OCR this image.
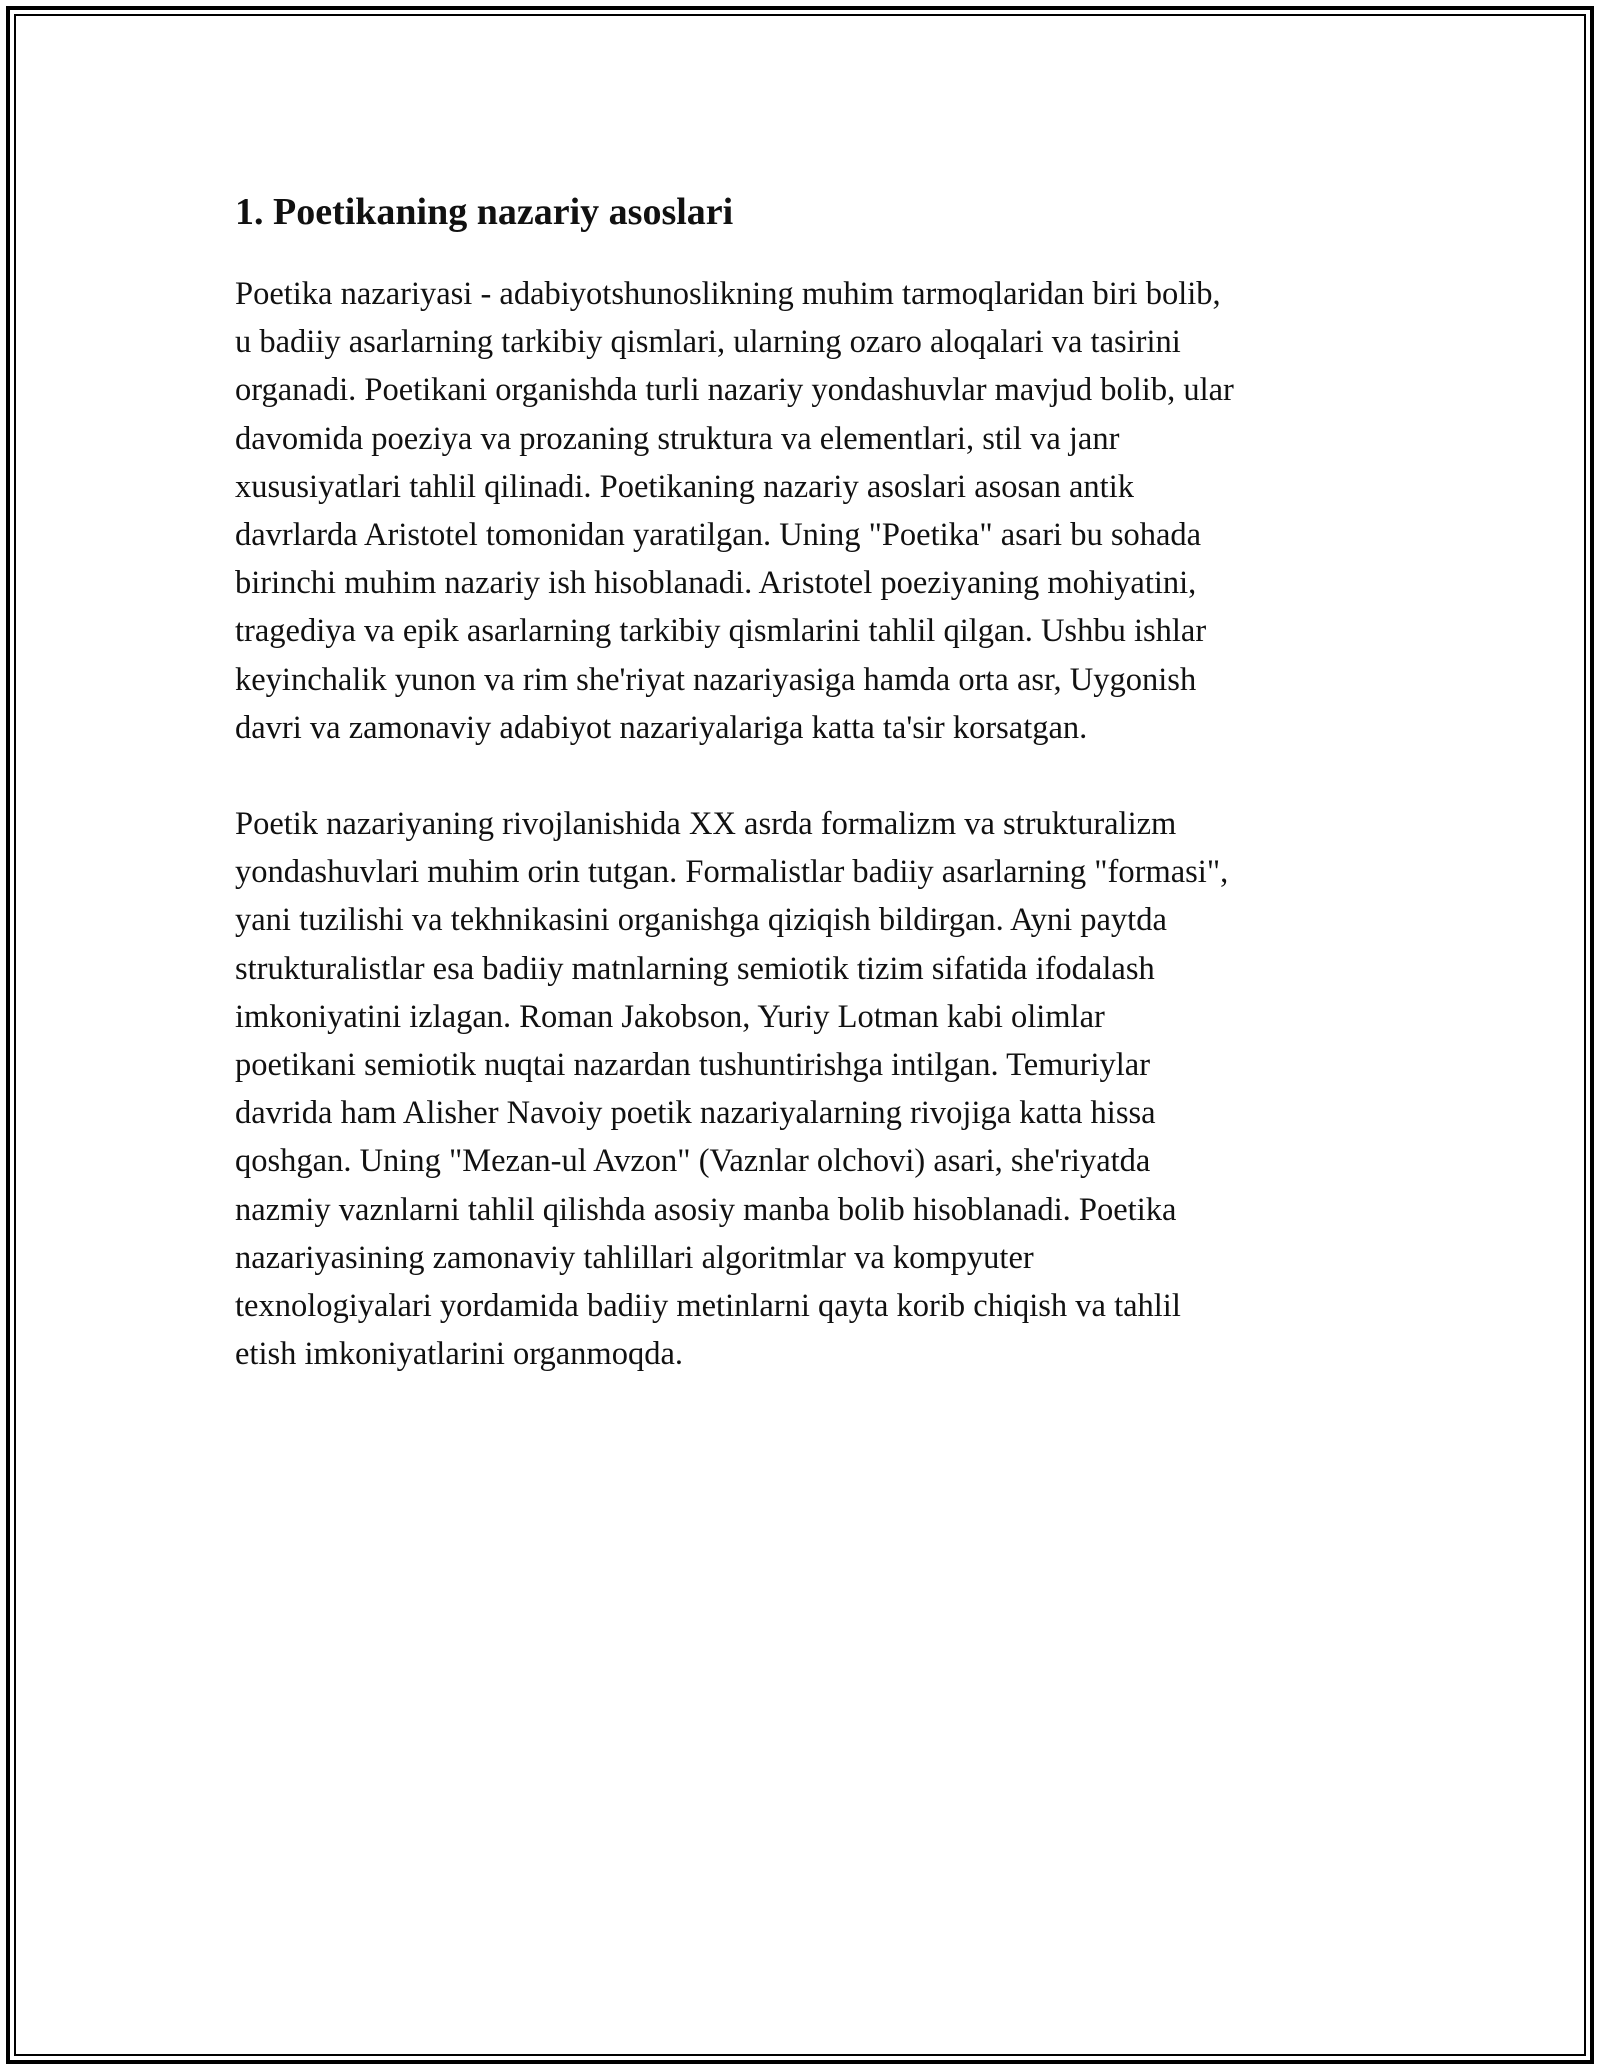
1. Poetikaning nazariy asoslari

Poetika nazariyasi - adabiyotshunoslikning muhim tarmoqlaridan biri bolib,
u badiiy asarlarning tarkibiy qismlari, ularning ozaro aloqalari va tasirini
organadi. Poetikani organishda turli nazariy yondashuvlar mavjud bolib, ular
davomida poeziya va prozaning struktura va elementlari, stil va janr
xususiyatlari tahlil qilinadi. Poetikaning nazariy asoslari asosan antik
davrlarda Aristotel tomonidan yaratilgan. Uning "Poetika" asari bu sohada
birinchi muhim nazariy ish hisoblanadi. Aristotel poeziyaning mohiyatini,
tragediya va epik asarlarning tarkibiy qismlarini tahlil qilgan. Ushbu ishlar
keyinchalik yunon va rim she'riyat nazariyasiga hamda orta asr, Uygonish
davri va zamonaviy adabiyot nazariyalariga katta ta'sir korsatgan.

Poetik nazariyaning rivojlanishida XX asrda formalizm va strukturalizm
yondashuvlari muhim orin tutgan. Formalistlar badiiy asarlarning "formasi",
yani tuzilishi va tekhnikasini organishga qiziqish bildirgan. Ayni paytda
strukturalistlar esa badiiy matnlarning semiotik tizim sifatida ifodalash
imkoniyatini izlagan. Roman Jakobson, Yuriy Lotman kabi olimlar
poetikani semiotik nuqtai nazardan tushuntirishga intilgan. Temuriylar
davrida ham Alisher Navoiy poetik nazariyalarning rivojiga katta hissa
qoshgan. Uning "Mezan-ul Avzon" (Vaznlar olchovi) asari, she'riyatda
nazmiy vaznlarni tahlil qilishda asosiy manba bolib hisoblanadi. Poetika
nazariyasining zamonaviy tahlillari algoritmlar va kompyuter
texnologiyalari yordamida badiiy metinlarni qayta korib chiqish va tahlil
etish imkoniyatlarini organmoqda.
